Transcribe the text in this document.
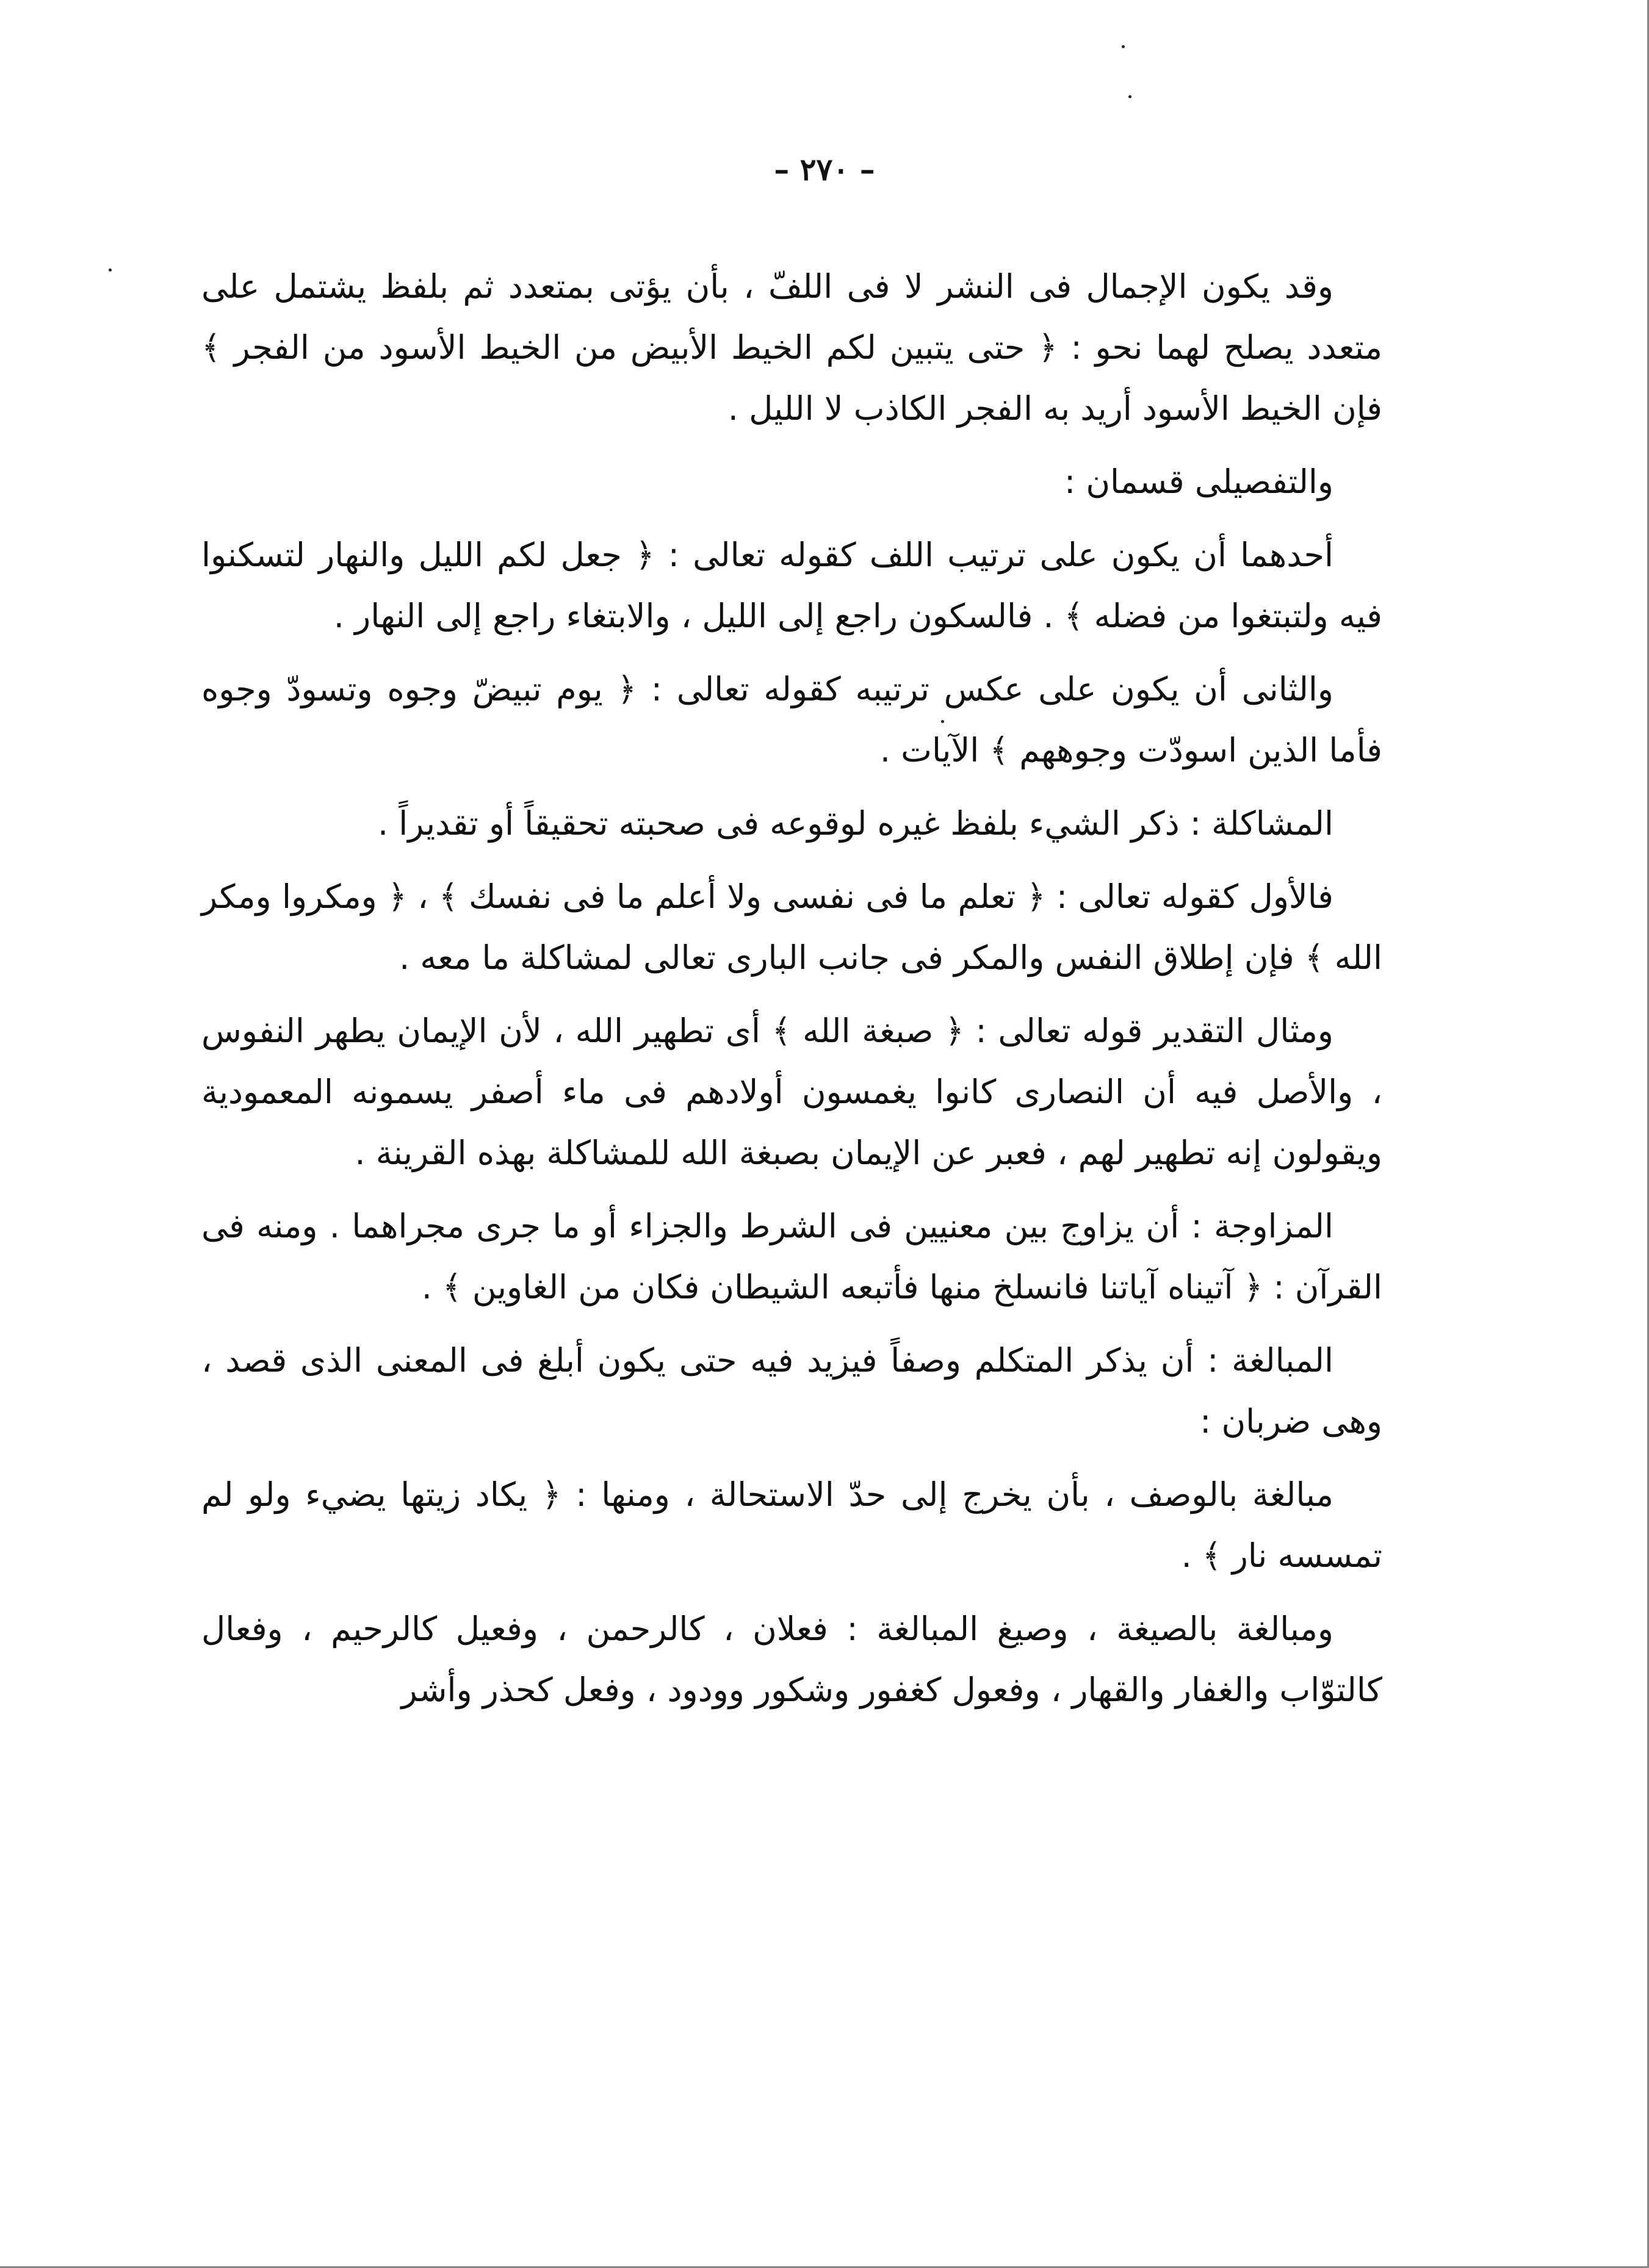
– ٢٧٠ –

وقد يكون الإجمال فى النشر لا فى اللفّ ، بأن يؤتى بمتعدد ثم بلفظ يشتمل على متعدد يصلح لهما نحو : ﴿ حتى يتبين لكم الخيط الأبيض من الخيط الأسود من الفجر ﴾ فإن الخيط الأسود أريد به الفجر الكاذب لا الليل .

والتفصيلى قسمان :

أحدهما أن يكون على ترتيب اللف كقوله تعالى : ﴿ جعل لكم الليل والنهار لتسكنوا فيه ولتبتغوا من فضله ﴾ . فالسكون راجع إلى الليل ، والابتغاء راجع إلى النهار .

والثانى أن يكون على عكس ترتيبه كقوله تعالى : ﴿ يوم تبيضّ وجوه وتسودّ وجوه فأما الذين اسودّت وجوههم ﴾ الآيات .

المشاكلة : ذكر الشيء بلفظ غيره لوقوعه فى صحبته تحقيقاً أو تقديراً .

فالأول كقوله تعالى : ﴿ تعلم ما فى نفسى ولا أعلم ما فى نفسك ﴾ ، ﴿ ومكروا ومكر الله ﴾ فإن إطلاق النفس والمكر فى جانب البارى تعالى لمشاكلة ما معه .

ومثال التقدير قوله تعالى : ﴿ صبغة الله ﴾ أى تطهير الله ، لأن الإيمان يطهر النفوس ، والأصل فيه أن النصارى كانوا يغمسون أولادهم فى ماء أصفر يسمونه المعمودية ويقولون إنه تطهير لهم ، فعبر عن الإيمان بصبغة الله للمشاكلة بهذه القرينة .

المزاوجة : أن يزاوج بين معنيين فى الشرط والجزاء أو ما جرى مجراهما . ومنه فى القرآن : ﴿ آتيناه آياتنا فانسلخ منها فأتبعه الشيطان فكان من الغاوين ﴾ .

المبالغة : أن يذكر المتكلم وصفاً فيزيد فيه حتى يكون أبلغ فى المعنى الذى قصد ، وهى ضربان :

مبالغة بالوصف ، بأن يخرج إلى حدّ الاستحالة ، ومنها : ﴿ يكاد زيتها يضيء ولو لم تمسسه نار ﴾ .

ومبالغة بالصيغة ، وصيغ المبالغة : فعلان ، كالرحمن ، وفعيل كالرحيم ، وفعال كالتوّاب والغفار والقهار ، وفعول كغفور وشكور وودود ، وفعل كحذر وأشر
